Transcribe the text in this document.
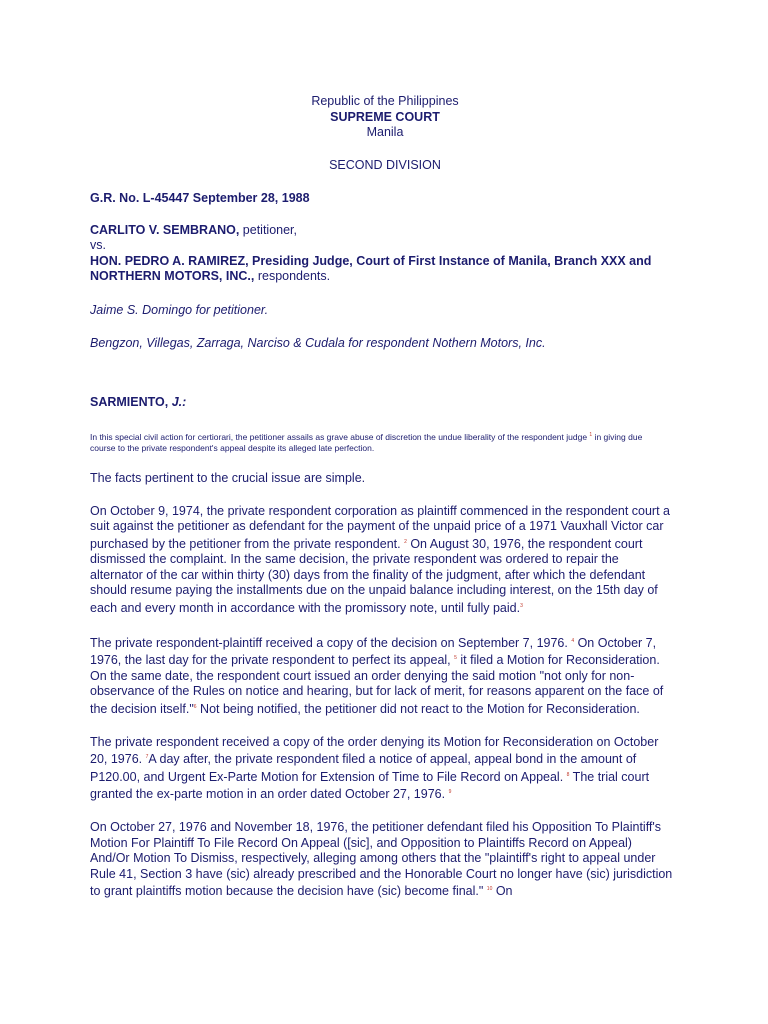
Republic of the Philippines
SUPREME COURT
Manila
SECOND DIVISION
G.R. No. L-45447 September 28, 1988
CARLITO V. SEMBRANO, petitioner,
vs.
HON. PEDRO A. RAMIREZ, Presiding Judge, Court of First Instance of Manila, Branch XXX and NORTHERN MOTORS, INC., respondents.
Jaime S. Domingo for petitioner.
Bengzon, Villegas, Zarraga, Narciso & Cudala for respondent Nothern Motors, Inc.
SARMIENTO, J.:
In this special civil action for certiorari, the petitioner assails as grave abuse of discretion the undue liberality of the respondent judge $^1$ in giving due course to the private respondent's appeal despite its alleged late perfection.
The facts pertinent to the crucial issue are simple.
On October 9, 1974, the private respondent corporation as plaintiff commenced in the respondent court a suit against the petitioner as defendant for the payment of the unpaid price of a 1971 Vauxhall Victor car purchased by the petitioner from the private respondent. $^2$ On August 30, 1976, the respondent court dismissed the complaint. In the same decision, the private respondent was ordered to repair the alternator of the car within thirty (30) days from the finality of the judgment, after which the defendant should resume paying the installments due on the unpaid balance including interest, on the 15th day of each and every month in accordance with the promissory note, until fully paid.$^3$
The private respondent-plaintiff received a copy of the decision on September 7, 1976. $^4$ On October 7, 1976, the last day for the private respondent to perfect its appeal, $^5$ it filed a Motion for Reconsideration. On the same date, the respondent court issued an order denying the said motion "not only for non-observance of the Rules on notice and hearing, but for lack of merit, for reasons apparent on the face of the decision itself."$^6$ Not being notified, the petitioner did not react to the Motion for Reconsideration.
The private respondent received a copy of the order denying its Motion for Reconsideration on October 20, 1976. $^7$A day after, the private respondent filed a notice of appeal, appeal bond in the amount of P120.00, and Urgent Ex-Parte Motion for Extension of Time to File Record on Appeal. $^8$ The trial court granted the ex-parte motion in an order dated October 27, 1976. $^9$
On October 27, 1976 and November 18, 1976, the petitioner defendant filed his Opposition To Plaintiff's Motion For Plaintiff To File Record On Appeal ([sic], and Opposition to Plaintiffs Record on Appeal) And/Or Motion To Dismiss, respectively, alleging among others that the "plaintiff's right to appeal under Rule 41, Section 3 have (sic) already prescribed and the Honorable Court no longer have (sic) jurisdiction to grant plaintiffs motion because the decision have (sic) become final." $^{10}$ On
